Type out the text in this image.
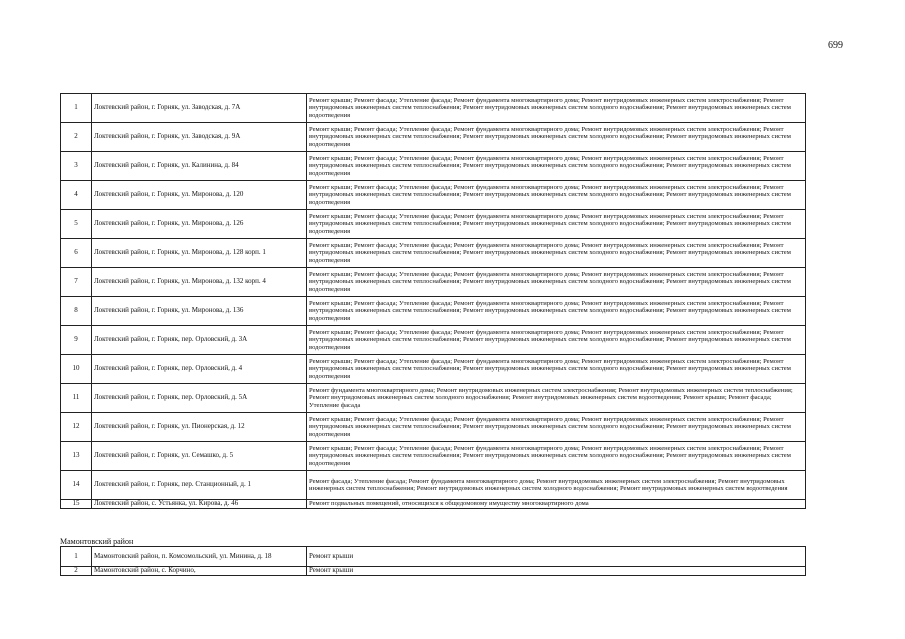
699
1	Локтевский район, г. Горняк, ул. Заводская, д. 7А	Ремонт крыши; Ремонт фасада; Утепление фасада; Ремонт фундамента многоквартирного дома; Ремонт внутридомовых инженерных систем электроснабжения; Ремонт внутридомовых инженерных систем теплоснабжения; Ремонт внутридомовых инженерных систем холодного водоснабжения; Ремонт внутридомовых инженерных систем водоотведения
2	Локтевский район, г. Горняк, ул. Заводская, д. 9А	Ремонт крыши; Ремонт фасада; Утепление фасада; Ремонт фундамента многоквартирного дома; Ремонт внутридомовых инженерных систем электроснабжения; Ремонт внутридомовых инженерных систем теплоснабжения; Ремонт внутридомовых инженерных систем холодного водоснабжения; Ремонт внутридомовых инженерных систем водоотведения
3	Локтевский район, г. Горняк, ул. Калинина, д. 84	Ремонт крыши; Ремонт фасада; Утепление фасада; Ремонт фундамента многоквартирного дома; Ремонт внутридомовых инженерных систем электроснабжения; Ремонт внутридомовых инженерных систем теплоснабжения; Ремонт внутридомовых инженерных систем холодного водоснабжения; Ремонт внутридомовых инженерных систем водоотведения
4	Локтевский район, г. Горняк, ул. Миронова, д. 120	Ремонт крыши; Ремонт фасада; Утепление фасада; Ремонт фундамента многоквартирного дома; Ремонт внутридомовых инженерных систем электроснабжения; Ремонт внутридомовых инженерных систем теплоснабжения; Ремонт внутридомовых инженерных систем холодного водоснабжения; Ремонт внутридомовых инженерных систем водоотведения
5	Локтевский район, г. Горняк, ул. Миронова, д. 126	Ремонт крыши; Ремонт фасада; Утепление фасада; Ремонт фундамента многоквартирного дома; Ремонт внутридомовых инженерных систем электроснабжения; Ремонт внутридомовых инженерных систем теплоснабжения; Ремонт внутридомовых инженерных систем холодного водоснабжения; Ремонт внутридомовых инженерных систем водоотведения
6	Локтевский район, г. Горняк, ул. Миронова, д. 128 корп. 1	Ремонт крыши; Ремонт фасада; Утепление фасада; Ремонт фундамента многоквартирного дома; Ремонт внутридомовых инженерных систем электроснабжения; Ремонт внутридомовых инженерных систем теплоснабжения; Ремонт внутридомовых инженерных систем холодного водоснабжения; Ремонт внутридомовых инженерных систем водоотведения
7	Локтевский район, г. Горняк, ул. Миронова, д. 132 корп. 4	Ремонт крыши; Ремонт фасада; Утепление фасада; Ремонт фундамента многоквартирного дома; Ремонт внутридомовых инженерных систем электроснабжения; Ремонт внутридомовых инженерных систем теплоснабжения; Ремонт внутридомовых инженерных систем холодного водоснабжения; Ремонт внутридомовых инженерных систем водоотведения
8	Локтевский район, г. Горняк, ул. Миронова, д. 136	Ремонт крыши; Ремонт фасада; Утепление фасада; Ремонт фундамента многоквартирного дома; Ремонт внутридомовых инженерных систем электроснабжения; Ремонт внутридомовых инженерных систем теплоснабжения; Ремонт внутридомовых инженерных систем холодного водоснабжения; Ремонт внутридомовых инженерных систем водоотведения
9	Локтевский район, г. Горняк, пер. Орловский, д. 3А	Ремонт крыши; Ремонт фасада; Утепление фасада; Ремонт фундамента многоквартирного дома; Ремонт внутридомовых инженерных систем электроснабжения; Ремонт внутридомовых инженерных систем теплоснабжения; Ремонт внутридомовых инженерных систем холодного водоснабжения; Ремонт внутридомовых инженерных систем водоотведения
10	Локтевский район, г. Горняк, пер. Орловский, д. 4	Ремонт крыши; Ремонт фасада; Утепление фасада; Ремонт фундамента многоквартирного дома; Ремонт внутридомовых инженерных систем электроснабжения; Ремонт внутридомовых инженерных систем теплоснабжения; Ремонт внутридомовых инженерных систем холодного водоснабжения; Ремонт внутридомовых инженерных систем водоотведения
11	Локтевский район, г. Горняк, пер. Орловский, д. 5А	Ремонт фундамента многоквартирного дома; Ремонт внутридомовых инженерных систем электроснабжения; Ремонт внутридомовых инженерных систем теплоснабжения; Ремонт внутридомовых инженерных систем холодного водоснабжения; Ремонт внутридомовых инженерных систем водоотведения; Ремонт крыши; Ремонт фасада; Утепление фасада
12	Локтевский район, г. Горняк, ул. Пионерская, д. 12	Ремонт крыши; Ремонт фасада; Утепление фасада; Ремонт фундамента многоквартирного дома; Ремонт внутридомовых инженерных систем электроснабжения; Ремонт внутридомовых инженерных систем теплоснабжения; Ремонт внутридомовых инженерных систем холодного водоснабжения; Ремонт внутридомовых инженерных систем водоотведения
13	Локтевский район, г. Горняк, ул. Семашко, д. 5	Ремонт крыши; Ремонт фасада; Утепление фасада; Ремонт фундамента многоквартирного дома; Ремонт внутридомовых инженерных систем электроснабжения; Ремонт внутридомовых инженерных систем теплоснабжения; Ремонт внутридомовых инженерных систем холодного водоснабжения; Ремонт внутридомовых инженерных систем водоотведения
14	Локтевский район, г. Горняк, пер. Станционный, д. 1	Ремонт фасада; Утепление фасада; Ремонт фундамента многоквартирного дома; Ремонт внутридомовых инженерных систем электроснабжения; Ремонт внутридомовых инженерных систем теплоснабжения; Ремонт внутридомовых инженерных систем холодного водоснабжения; Ремонт внутридомовых инженерных систем водоотведения
15	Локтевский район, с. Устьянка, ул. Кирова, д. 46	Ремонт подвальных помещений, относящихся к общедомовому имуществу многоквартирного дома
Мамонтовский район
1	Мамонтовский район, п. Комсомольский, ул. Минина, д. 18	Ремонт крыши
2	Мамонтовский район, с. Корчино,	Ремонт крыши
